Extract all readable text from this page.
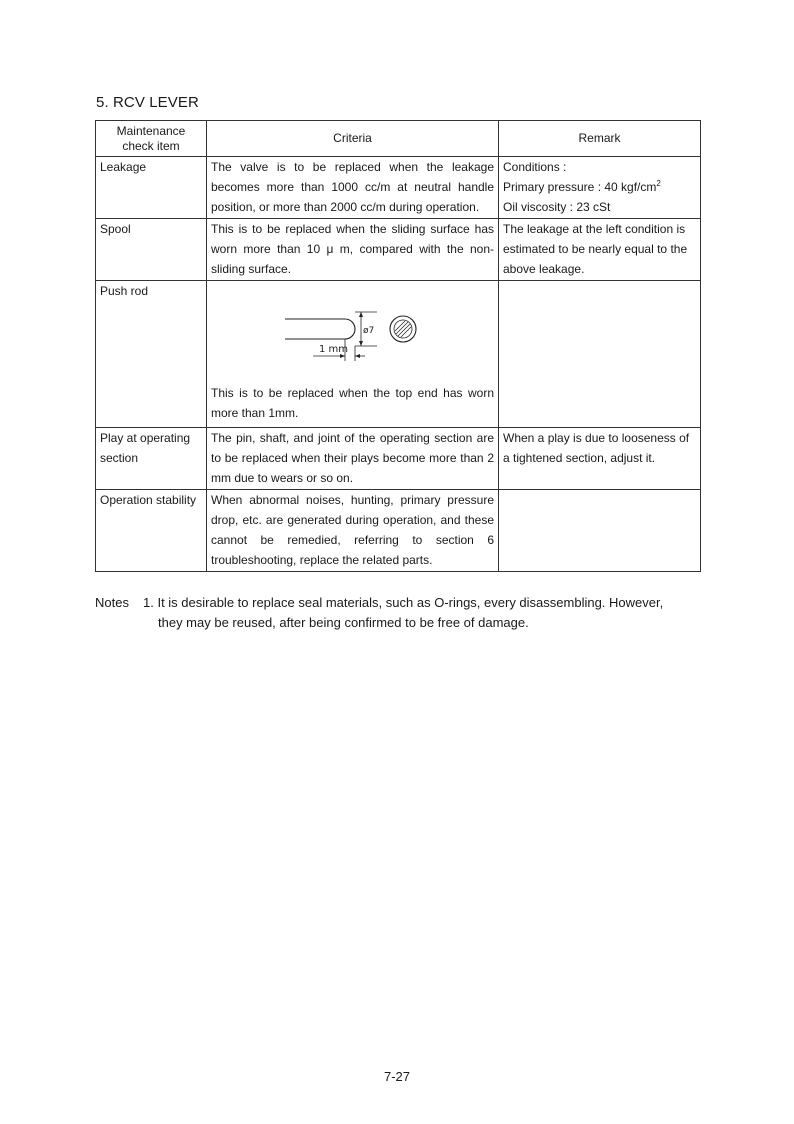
5. RCV LEVER
Maintenance check item	Criteria	Remark
Leakage	The valve is to be replaced when the leakage becomes more than 1000 cc/m at neutral handle position, or more than 2000 cc/m during operation.	Conditions :
Primary pressure : 40 kgf/$cm^2$
Oil viscosity : 23 cSt

Spool	This is to be replaced when the sliding surface has worn more than 10 μ m, compared with the non-sliding surface.	The leakage at the left condition is estimated to be nearly equal to the above leakage.
Push rod	ø7
1 mm
This is to be replaced when the top end has worn more than 1mm.	

Play at operating section	The pin, shaft, and joint of the operating section are to be replaced when their plays become more than 2 mm due to wears or so on.	When a play is due to looseness of a tightened section, adjust it.
Operation stability	When abnormal noises, hunting, primary pressure drop, etc. are generated during operation, and these cannot be remedied, referring to section 6 troubleshooting, replace the related parts.	
Notes 1. It is desirable to replace seal materials, such as O-rings, every disassembling. However,
they may be reused, after being confirmed to be free of damage.
7-27
